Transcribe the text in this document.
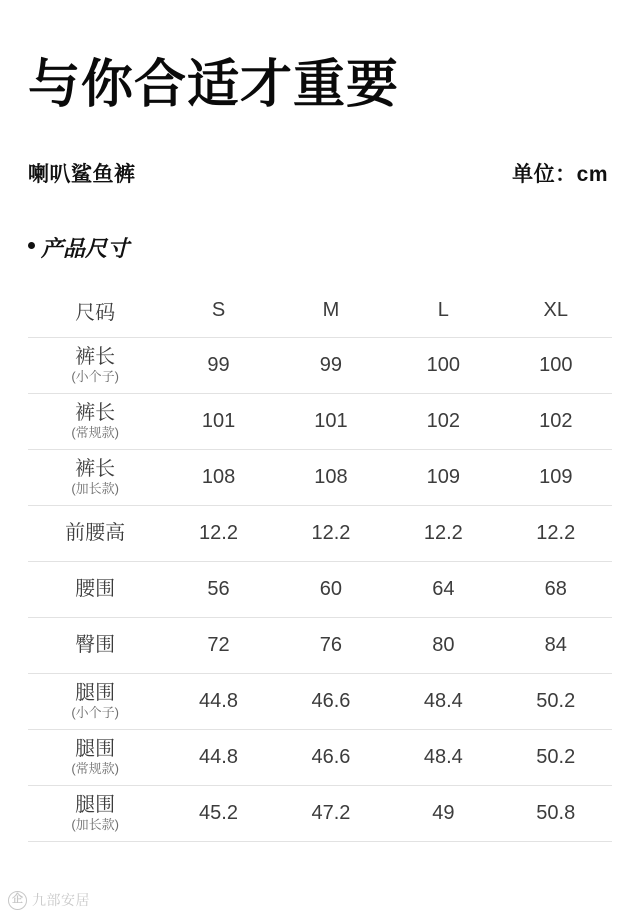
与你合适才重要
喇叭鲨鱼裤	单位：cm
产品尺寸
尺码	S	M	L	XL

裤长
(小个子)	99	99	100	100

裤长
(常规款)	101	101	102	102

裤长
(加长款)	108	108	109	109

前腰高	12.2	12.2	12.2	12.2

腰围	56	60	64	68

臀围	72	76	80	84

腿围
(小个子)	44.8	46.6	48.4	50.2

腿围
(常规款)	44.8	46.6	48.4	50.2

腿围
(加长款)	45.2	47.2	49	50.8
企 九部安居
